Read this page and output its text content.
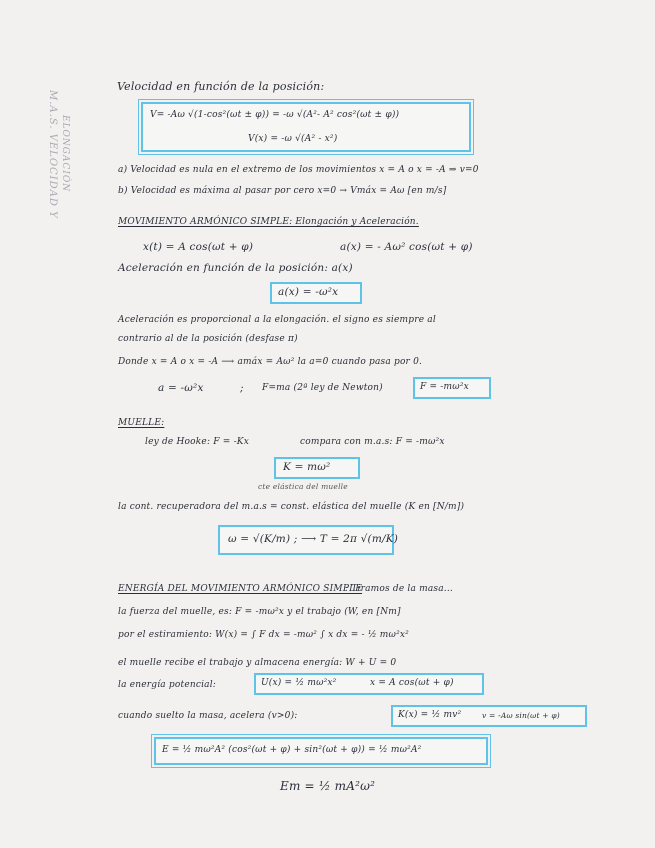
M.A.S. VELOCIDAD Y ELONGACIÓN
Velocidad en función de la posición:
V= -Aω √(1-cos²(ωt ± φ)) = -ω √(A²- A² cos²(ωt ± φ))
V(x) = -ω √(A² - x²)
a) Velocidad es nula en el extremo de los movimientos x = A o x = -A ⇒ v=0
b) Velocidad es máxima al pasar por cero x=0 → Vmáx = Aω [en m/s]
MOVIMIENTO ARMÓNICO SIMPLE: Elongación y Aceleración.
x(t) = A cos(ωt + φ)	a(x) = - Aω² cos(ωt + φ)
Aceleración en función de la posición: a(x)
a(x) = -ω²x
Aceleración es proporcional a la elongación. el signo es siempre al
contrario al de la posición (desfase π)
Donde x = A o x = -A ⟶ amáx = Aω² la a=0 cuando pasa por 0.
a = -ω²x	; F=ma (2ª ley de Newton)	F = -mω²x
MUELLE:
ley de Hooke: F = -Kx	compara con m.a.s: F = -mω²x
K = mω²
cte elástica del muelle
la cont. recuperadora del m.a.s = const. elástica del muelle (K en [N/m])
ω = √(K/m) ; ⟶ T = 2π √(m/K)
ENERGÍA DEL MOVIMIENTO ARMÓNICO SIMPLE
: Tiramos de la masa...
la fuerza del muelle, es: F = -mω²x y el trabajo (W, en [Nm]
por el estiramiento: W(x) = ∫ F dx = -mω² ∫ x dx = - ½ mω²x²
el muelle recibe el trabajo y almacena energía: W + U = 0
la energía potencial:	U(x) = ½ mω²x²	x = A cos(ωt + φ)
cuando suelto la masa, acelera (v>0):	K(x) = ½ mv²	v = -Aω sin(ωt + φ)
E = ½ mω²A² (cos²(ωt + φ) + sin²(ωt + φ)) = ½ mω²A²
Em = ½ mA²ω²
